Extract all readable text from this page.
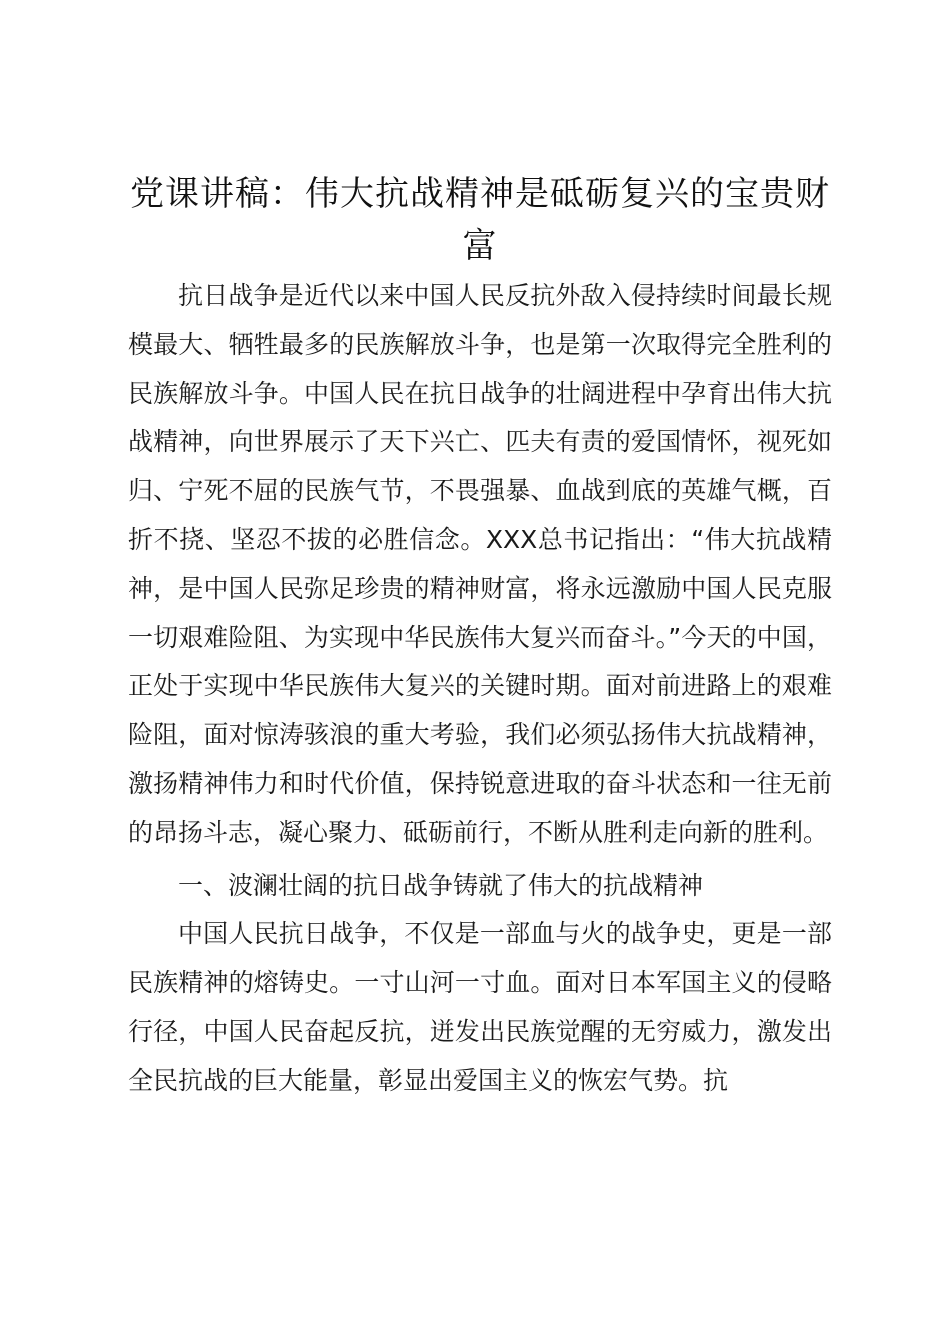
党课讲稿：伟大抗战精神是砥砺复兴的宝贵财富

抗日战争是近代以来中国人民反抗外敌入侵持续时间最长规模最大、牺牲最多的民族解放斗争，也是第一次取得完全胜利的民族解放斗争。中国人民在抗日战争的壮阔进程中孕育出伟大抗战精神，向世界展示了天下兴亡、匹夫有责的爱国情怀，视死如归、宁死不屈的民族气节，不畏强暴、血战到底的英雄气概，百折不挠、坚忍不拔的必胜信念。XXX总书记指出：“伟大抗战精神，是中国人民弥足珍贵的精神财富，将永远激励中国人民克服一切艰难险阻、为实现中华民族伟大复兴而奋斗。”今天的中国，正处于实现中华民族伟大复兴的关键时期。面对前进路上的艰难险阻，面对惊涛骇浪的重大考验，我们必须弘扬伟大抗战精神，激扬精神伟力和时代价值，保持锐意进取的奋斗状态和一往无前的昂扬斗志，凝心聚力、砥砺前行，不断从胜利走向新的胜利。

一、波澜壮阔的抗日战争铸就了伟大的抗战精神

中国人民抗日战争，不仅是一部血与火的战争史，更是一部民族精神的熔铸史。一寸山河一寸血。面对日本军国主义的侵略行径，中国人民奋起反抗，迸发出民族觉醒的无穷威力，激发出全民抗战的巨大能量，彰显出爱国主义的恢宏气势。抗
